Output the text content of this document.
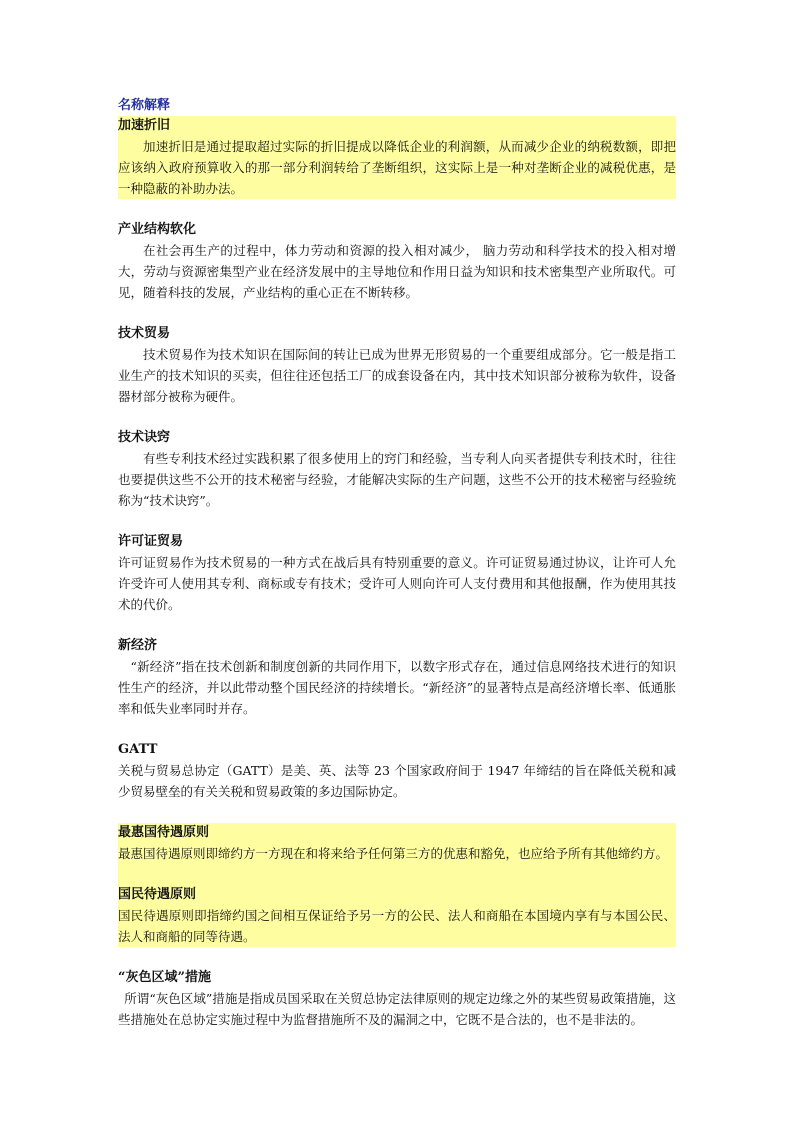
名称解释
加速折旧
加速折旧是通过提取超过实际的折旧提成以降低企业的利润额，从而减少企业的纳税数额，即把应该纳入政府预算收入的那一部分利润转给了垄断组织，这实际上是一种对垄断企业的减税优惠，是一种隐蔽的补助办法。
产业结构软化
在社会再生产的过程中，体力劳动和资源的投入相对减少， 脑力劳动和科学技术的投入相对增大，劳动与资源密集型产业在经济发展中的主导地位和作用日益为知识和技术密集型产业所取代。可见，随着科技的发展，产业结构的重心正在不断转移。
技术贸易
技术贸易作为技术知识在国际间的转让已成为世界无形贸易的一个重要组成部分。它一般是指工业生产的技术知识的买卖，但往往还包括工厂的成套设备在内，其中技术知识部分被称为软件，设备器材部分被称为硬件。
技术诀窍
有些专利技术经过实践积累了很多使用上的窍门和经验，当专利人向买者提供专利技术时，往往也要提供这些不公开的技术秘密与经验，才能解决实际的生产问题，这些不公开的技术秘密与经验统称为“技术诀窍”。
许可证贸易
许可证贸易作为技术贸易的一种方式在战后具有特别重要的意义。许可证贸易通过协议，让许可人允许受许可人使用其专利、商标或专有技术；受许可人则向许可人支付费用和其他报酬，作为使用其技术的代价。
新经济
“新经济”指在技术创新和制度创新的共同作用下，以数字形式存在，通过信息网络技术进行的知识性生产的经济，并以此带动整个国民经济的持续增长。“新经济”的显著特点是高经济增长率、低通胀率和低失业率同时并存。
GATT
关税与贸易总协定（GATT）是美、英、法等 23 个国家政府间于 1947 年缔结的旨在降低关税和减少贸易壁垒的有关关税和贸易政策的多边国际协定。
最惠国待遇原则
最惠国待遇原则即缔约方一方现在和将来给予任何第三方的优惠和豁免，也应给予所有其他缔约方。
国民待遇原则
国民待遇原则即指缔约国之间相互保证给予另一方的公民、法人和商船在本国境内享有与本国公民、法人和商船的同等待遇。
“灰色区域”措施
所谓“灰色区域”措施是指成员国采取在关贸总协定法律原则的规定边缘之外的某些贸易政策措施，这些措施处在总协定实施过程中为监督措施所不及的漏洞之中，它既不是合法的，也不是非法的。
